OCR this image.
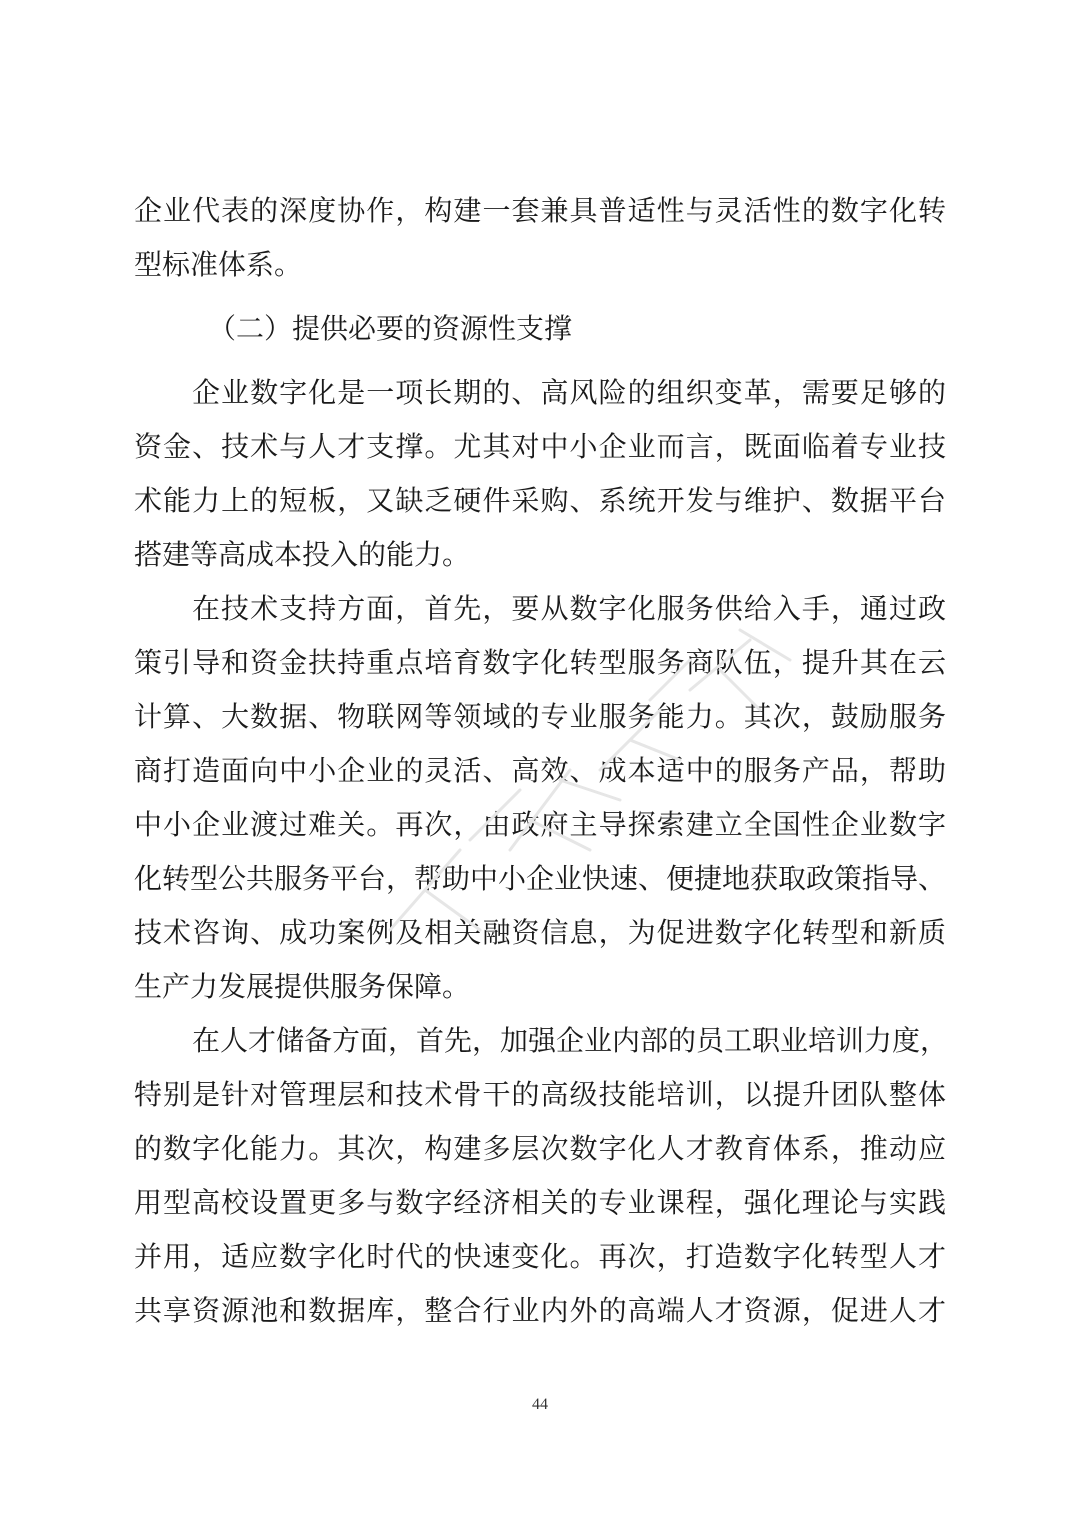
企业代表的深度协作，构建一套兼具普适性与灵活性的数字化转
型标准体系。
（二）提供必要的资源性支撑
企业数字化是一项长期的、高风险的组织变革，需要足够的
资金、技术与人才支撑。尤其对中小企业而言，既面临着专业技
术能力上的短板，又缺乏硬件采购、系统开发与维护、数据平台
搭建等高成本投入的能力。
在技术支持方面，首先，要从数字化服务供给入手，通过政
策引导和资金扶持重点培育数字化转型服务商队伍，提升其在云
计算、大数据、物联网等领域的专业服务能力。其次，鼓励服务
商打造面向中小企业的灵活、高效、成本适中的服务产品，帮助
中小企业渡过难关。再次，由政府主导探索建立全国性企业数字
化转型公共服务平台，帮助中小企业快速、便捷地获取政策指导、
技术咨询、成功案例及相关融资信息，为促进数字化转型和新质
生产力发展提供服务保障。
在人才储备方面，首先，加强企业内部的员工职业培训力度，
特别是针对管理层和技术骨干的高级技能培训，以提升团队整体
的数字化能力。其次，构建多层次数字化人才教育体系，推动应
用型高校设置更多与数字经济相关的专业课程，强化理论与实践
并用，适应数字化时代的快速变化。再次，打造数字化转型人才
共享资源池和数据库，整合行业内外的高端人才资源，促进人才
44
